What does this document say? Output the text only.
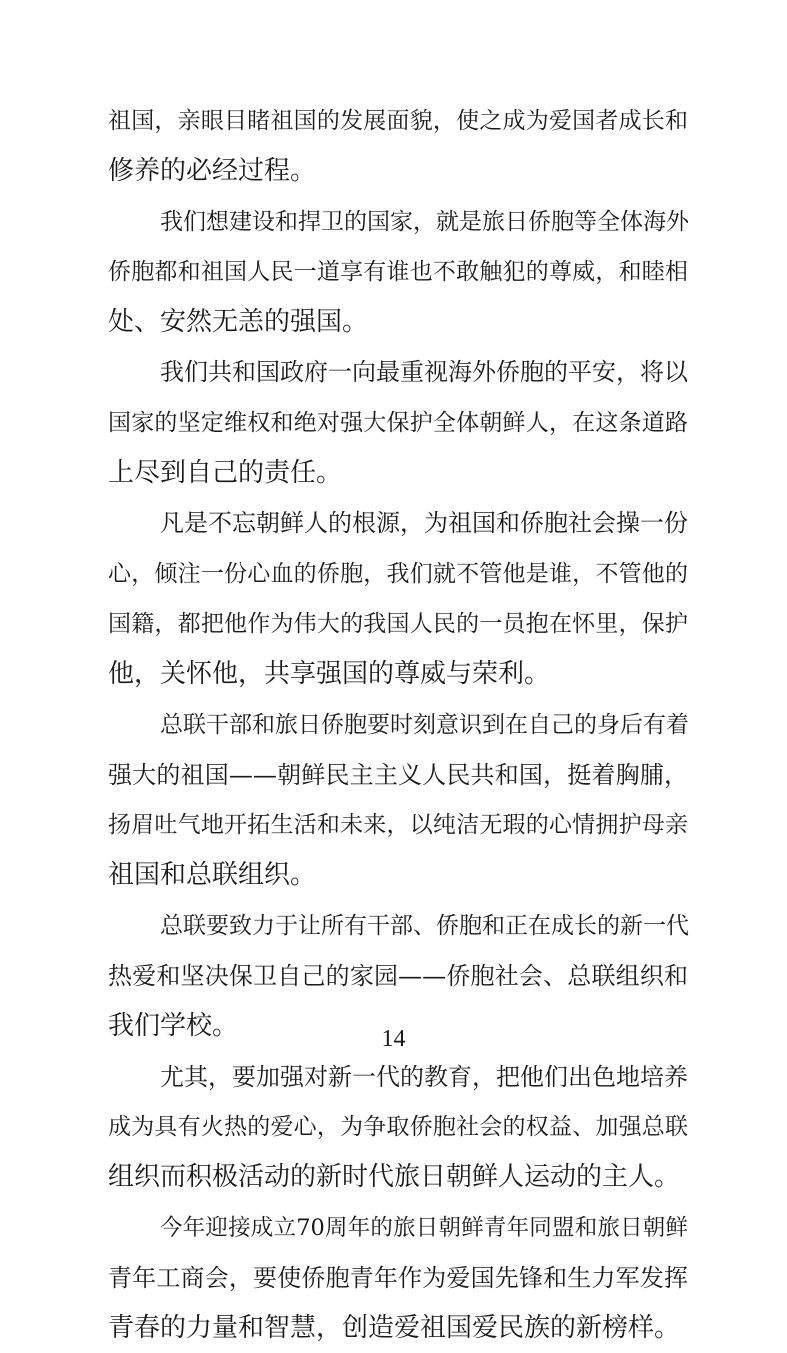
祖国，亲眼目睹祖国的发展面貌，使之成为爱国者成长和
修养的必经过程。
我们想建设和捍卫的国家，就是旅日侨胞等全体海外
侨胞都和祖国人民一道享有谁也不敢触犯的尊威，和睦相
处、安然无恙的强国。
我们共和国政府一向最重视海外侨胞的平安，将以
国家的坚定维权和绝对强大保护全体朝鲜人，在这条道路
上尽到自己的责任。
凡是不忘朝鲜人的根源，为祖国和侨胞社会操一份
心，倾注一份心血的侨胞，我们就不管他是谁，不管他的
国籍，都把他作为伟大的我国人民的一员抱在怀里，保护
他，关怀他，共享强国的尊威与荣利。
总联干部和旅日侨胞要时刻意识到在自己的身后有着
强大的祖国——朝鲜民主主义人民共和国，挺着胸脯，
扬眉吐气地开拓生活和未来，以纯洁无瑕的心情拥护母亲
祖国和总联组织。
总联要致力于让所有干部、侨胞和正在成长的新一代
热爱和坚决保卫自己的家园——侨胞社会、总联组织和
我们学校。
尤其，要加强对新一代的教育，把他们出色地培养
成为具有火热的爱心，为争取侨胞社会的权益、加强总联
组织而积极活动的新时代旅日朝鲜人运动的主人。
今年迎接成立70周年的旅日朝鲜青年同盟和旅日朝鲜
青年工商会，要使侨胞青年作为爱国先锋和生力军发挥
青春的力量和智慧，创造爱祖国爱民族的新榜样。
14
